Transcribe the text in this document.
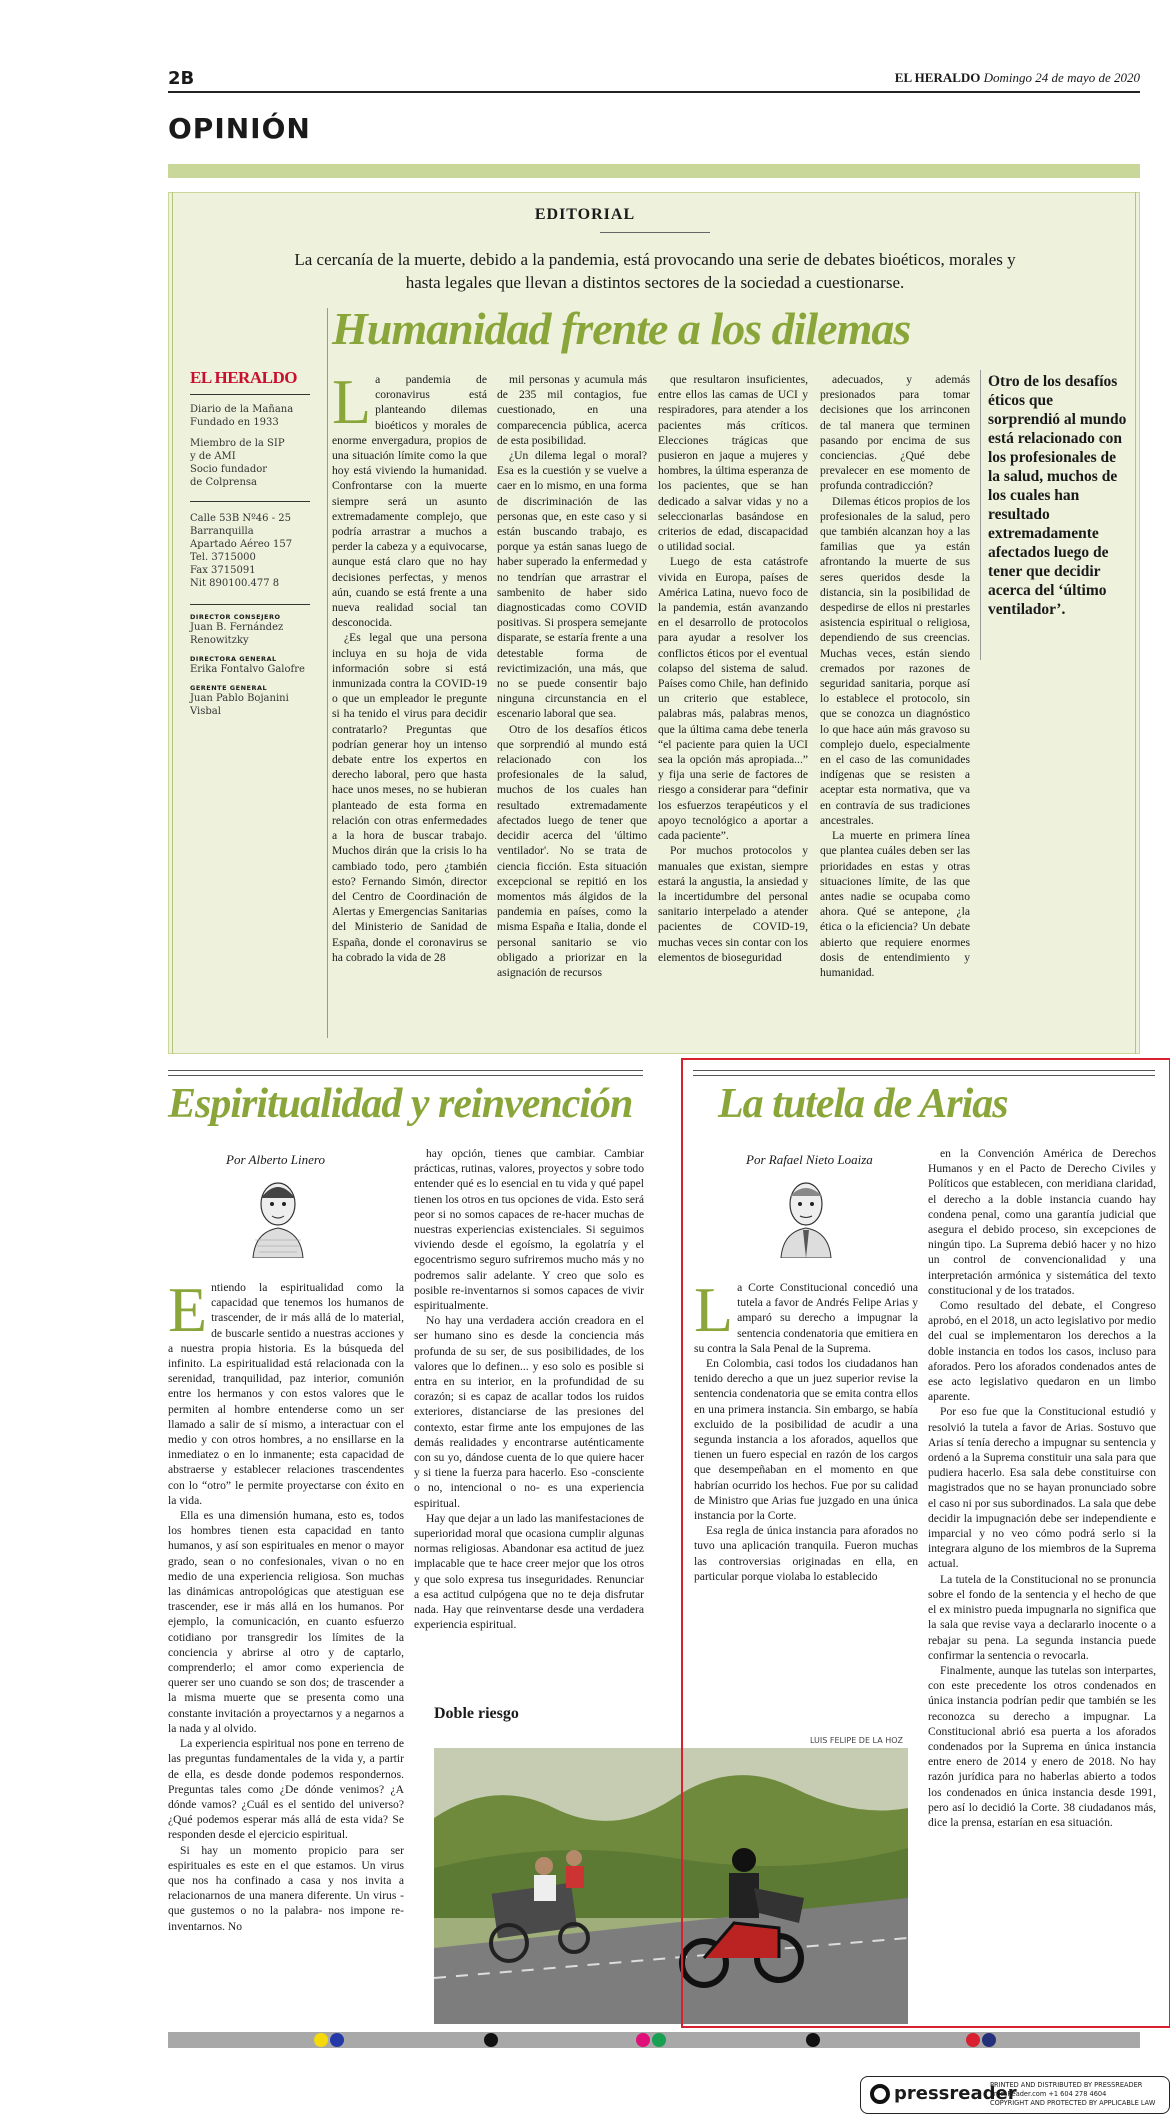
2B	EL HERALDO Domingo 24 de mayo de 2020
OPINIÓN
EDITORIAL
La cercanía de la muerte, debido a la pandemia, está provocando una serie de debates bioéticos, morales y hasta legales que llevan a distintos sectores de la sociedad a cuestionarse.
Humanidad frente a los dilemas
EL HERALDO
Diario de la Mañana
Fundado en 1933
Miembro de la SIP
y de AMI
Socio fundador
de Colprensa
Calle 53B Nº46 - 25
Barranquilla
Apartado Aéreo 157
Tel. 3715000
Fax 3715091
Nit 890100.477 8
DIRECTOR CONSEJERO
Juan B. Fernández Renowitzky
DIRECTORA GENERAL
Erika Fontalvo Galofre
GERENTE GENERAL
Juan Pablo Bojanini Visbal

La pandemia de coronavirus está planteando dilemas bioéticos y morales de enorme envergadura, propios de una situación límite como la que hoy está viviendo la humanidad. Confrontarse con la muerte siempre será un asunto extremadamente complejo, que podría arrastrar a muchos a perder la cabeza y a equivocarse, aunque está claro que no hay decisiones perfectas, y menos aún, cuando se está frente a una nueva realidad social tan desconocida.

¿Es legal que una persona incluya en su hoja de vida información sobre si está inmunizada contra la COVID-19 o que un empleador le pregunte si ha tenido el virus para decidir contratarlo? Preguntas que podrían generar hoy un intenso debate entre los expertos en derecho laboral, pero que hasta hace unos meses, no se hubieran planteado de esta forma en relación con otras enfermedades a la hora de buscar trabajo. Muchos dirán que la crisis lo ha cambiado todo, pero ¿también esto? Fernando Simón, director del Centro de Coordinación de Alertas y Emergencias Sanitarias del Ministerio de Sanidad de España, donde el coronavirus se ha cobrado la vida de 28

mil personas y acumula más de 235 mil contagios, fue cuestionado, en una comparecencia pública, acerca de esta posibilidad.

¿Un dilema legal o moral? Esa es la cuestión y se vuelve a caer en lo mismo, en una forma de discriminación de las personas que, en este caso y si están buscando trabajo, es porque ya están sanas luego de haber superado la enfermedad y no tendrían que arrastrar el sambenito de haber sido diagnosticadas como COVID positivas. Si prospera semejante disparate, se estaría frente a una detestable forma de revictimización, una más, que no se puede consentir bajo ninguna circunstancia en el escenario laboral que sea.

Otro de los desafíos éticos que sorprendió al mundo está relacionado con los profesionales de la salud, muchos de los cuales han resultado extremadamente afectados luego de tener que decidir acerca del 'último ventilador'. No se trata de ciencia ficción. Esta situación excepcional se repitió en los momentos más álgidos de la pandemia en países, como la misma España e Italia, donde el personal sanitario se vio obligado a priorizar en la asignación de recursos

que resultaron insuficientes, entre ellos las camas de UCI y respiradores, para atender a los pacientes más críticos. Elecciones trágicas que pusieron en jaque a mujeres y hombres, la última esperanza de los pacientes, que se han dedicado a salvar vidas y no a seleccionarlas basándose en criterios de edad, discapacidad o utilidad social.

Luego de esta catástrofe vivida en Europa, países de América Latina, nuevo foco de la pandemia, están avanzando en el desarrollo de protocolos para ayudar a resolver los conflictos éticos por el eventual colapso del sistema de salud. Países como Chile, han definido un criterio que establece, palabras más, palabras menos, que la última cama debe tenerla “el paciente para quien la UCI sea la opción más apropiada...” y fija una serie de factores de riesgo a considerar para “definir los esfuerzos terapéuticos y el apoyo tecnológico a aportar a cada paciente”.

Por muchos protocolos y manuales que existan, siempre estará la angustia, la ansiedad y la incertidumbre del personal sanitario interpelado a atender pacientes de COVID-19, muchas veces sin contar con los elementos de bioseguridad

adecuados, y además presionados para tomar decisiones que los arrinconen de tal manera que terminen pasando por encima de sus conciencias. ¿Qué debe prevalecer en ese momento de profunda contradicción?

Dilemas éticos propios de los profesionales de la salud, pero que también alcanzan hoy a las familias que ya están afrontando la muerte de sus seres queridos desde la distancia, sin la posibilidad de despedirse de ellos ni prestarles asistencia espiritual o religiosa, dependiendo de sus creencias. Muchas veces, están siendo cremados por razones de seguridad sanitaria, porque así lo establece el protocolo, sin que se conozca un diagnóstico lo que hace aún más gravoso su complejo duelo, especialmente en el caso de las comunidades indígenas que se resisten a aceptar esta normativa, que va en contravía de sus tradiciones ancestrales.

La muerte en primera línea que plantea cuáles deben ser las prioridades en estas y otras situaciones límite, de las que antes nadie se ocupaba como ahora. Qué se antepone, ¿la ética o la eficiencia? Un debate abierto que requiere enormes dosis de entendimiento y humanidad.

Otro de los desafíos éticos que sorprendió al mundo está relacionado con los profesionales de la salud, muchos de los cuales han resultado extremadamente afectados luego de tener que decidir acerca del ‘último ventilador’.
Espiritualidad y reinvención
Por Alberto Linero

Entiendo la espiritualidad como la capacidad que tenemos los humanos de trascender, de ir más allá de lo material, de buscarle sentido a nuestras acciones y a nuestra propia historia. Es la búsqueda del infinito. La espiritualidad está relacionada con la serenidad, tranquilidad, paz interior, comunión entre los hermanos y con estos valores que le permiten al hombre entenderse como un ser llamado a salir de sí mismo, a interactuar con el medio y con otros hombres, a no ensillarse en la inmediatez o en lo inmanente; esta capacidad de abstraerse y establecer relaciones trascendentes con lo “otro” le permite proyectarse con éxito en la vida.

Ella es una dimensión humana, esto es, todos los hombres tienen esta capacidad en tanto humanos, y así son espirituales en menor o mayor grado, sean o no confesionales, vivan o no en medio de una experiencia religiosa. Son muchas las dinámicas antropológicas que atestiguan ese trascender, ese ir más allá en los humanos. Por ejemplo, la comunicación, en cuanto esfuerzo cotidiano por transgredir los límites de la conciencia y abrirse al otro y de captarlo, comprenderlo; el amor como experiencia de querer ser uno cuando se son dos; de trascender a la misma muerte que se presenta como una constante invitación a proyectarnos y a negarnos a la nada y al olvido.

La experiencia espiritual nos pone en terreno de las preguntas fundamentales de la vida y, a partir de ella, es desde donde podemos respondernos. Preguntas tales como ¿De dónde venimos? ¿A dónde vamos? ¿Cuál es el sentido del universo? ¿Qué podemos esperar más allá de esta vida? Se responden desde el ejercicio espiritual.

Si hay un momento propicio para ser espirituales es este en el que estamos. Un virus que nos ha confinado a casa y nos invita a relacionarnos de una manera diferente. Un virus -que gustemos o no la palabra- nos impone re-inventarnos. No

hay opción, tienes que cambiar. Cambiar prácticas, rutinas, valores, proyectos y sobre todo entender qué es lo esencial en tu vida y qué papel tienen los otros en tus opciones de vida. Esto será peor si no somos capaces de re-hacer muchas de nuestras experiencias existenciales. Si seguimos viviendo desde el egoísmo, la egolatría y el egocentrismo seguro sufriremos mucho más y no podremos salir adelante. Y creo que solo es posible re-inventarnos si somos capaces de vivir espiritualmente.

No hay una verdadera acción creadora en el ser humano sino es desde la conciencia más profunda de su ser, de sus posibilidades, de los valores que lo definen... y eso solo es posible si entra en su interior, en la profundidad de su corazón; si es capaz de acallar todos los ruidos exteriores, distanciarse de las presiones del contexto, estar firme ante los empujones de las demás realidades y encontrarse auténticamente con su yo, dándose cuenta de lo que quiere hacer y si tiene la fuerza para hacerlo. Eso -consciente o no, intencional o no- es una experiencia espiritual.

Hay que dejar a un lado las manifestaciones de superioridad moral que ocasiona cumplir algunas normas religiosas. Abandonar esa actitud de juez implacable que te hace creer mejor que los otros y que solo expresa tus inseguridades. Renunciar a esa actitud culpógena que no te deja disfrutar nada. Hay que reinventarse desde una verdadera experiencia espiritual.

Doble riesgo
LUIS FELIPE DE LA HOZ
La tutela de Arias
Por Rafael Nieto Loaiza

La Corte Constitucional concedió una tutela a favor de Andrés Felipe Arias y amparó su derecho a impugnar la sentencia condenatoria que emitiera en su contra la Sala Penal de la Suprema.

En Colombia, casi todos los ciudadanos han tenido derecho a que un juez superior revise la sentencia condenatoria que se emita contra ellos en una primera instancia. Sin embargo, se había excluido de la posibilidad de acudir a una segunda instancia a los aforados, aquellos que tienen un fuero especial en razón de los cargos que desempeñaban en el momento en que habrían ocurrido los hechos. Fue por su calidad de Ministro que Arias fue juzgado en una única instancia por la Corte.

Esa regla de única instancia para aforados no tuvo una aplicación tranquila. Fueron muchas las controversias originadas en ella, en particular porque violaba lo establecido

en la Convención América de Derechos Humanos y en el Pacto de Derecho Civiles y Políticos que establecen, con meridiana claridad, el derecho a la doble instancia cuando hay condena penal, como una garantía judicial que asegura el debido proceso, sin excepciones de ningún tipo. La Suprema debió hacer y no hizo un control de convencionalidad y una interpretación armónica y sistemática del texto constitucional y de los tratados.

Como resultado del debate, el Congreso aprobó, en el 2018, un acto legislativo por medio del cual se implementaron los derechos a la doble instancia en todos los casos, incluso para aforados. Pero los aforados condenados antes de ese acto legislativo quedaron en un limbo aparente.

Por eso fue que la Constitucional estudió y resolvió la tutela a favor de Arias. Sostuvo que Arias sí tenía derecho a impugnar su sentencia y ordenó a la Suprema constituir una sala para que pudiera hacerlo. Esa sala debe constituirse con magistrados que no se hayan pronunciado sobre el caso ni por sus subordinados. La sala que debe decidir la impugnación debe ser independiente e imparcial y no veo cómo podrá serlo si la integrara alguno de los miembros de la Suprema actual.

La tutela de la Constitucional no se pronuncia sobre el fondo de la sentencia y el hecho de que el ex ministro pueda impugnarla no significa que la sala que revise vaya a declararlo inocente o a rebajar su pena. La segunda instancia puede confirmar la sentencia o revocarla.

Finalmente, aunque las tutelas son interpartes, con este precedente los otros condenados en única instancia podrían pedir que también se les reconozca su derecho a impugnar. La Constitucional abrió esa puerta a los aforados condenados por la Suprema en única instancia entre enero de 2014 y enero de 2018. No hay razón jurídica para no haberlas abierto a todos los condenados en única instancia desde 1991, pero así lo decidió la Corte. 38 ciudadanos más, dice la prensa, estarían en esa situación.

pressreader
PRINTED AND DISTRIBUTED BY PRESSREADER
PressReader.com +1 604 278 4604
COPYRIGHT AND PROTECTED BY APPLICABLE LAW
